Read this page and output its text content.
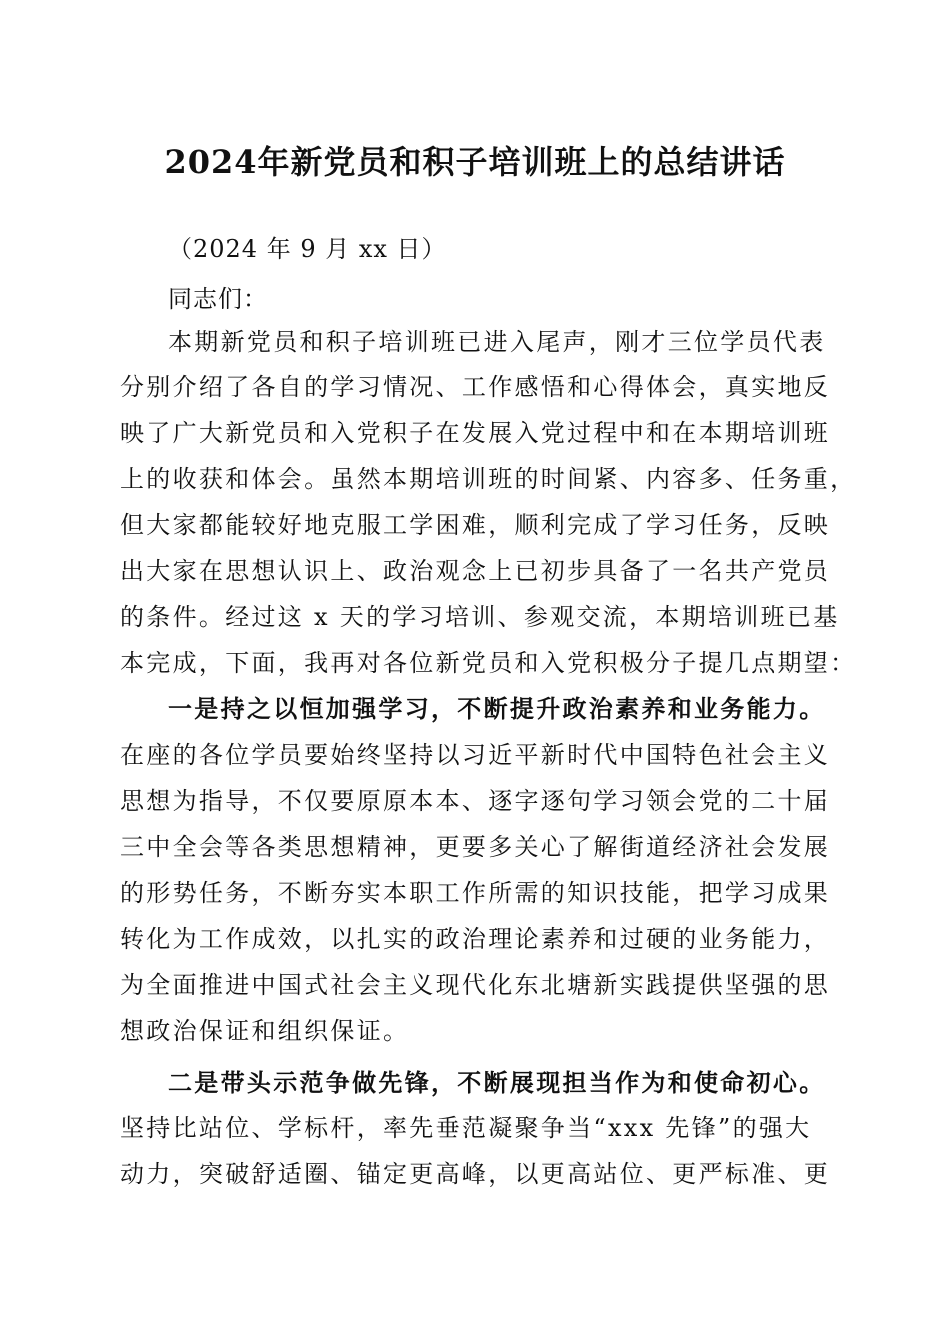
2024年新党员和积子培训班上的总结讲话
（2024 年 9 月 xx 日）
同志们：
本期新党员和积子培训班已进入尾声，刚才三位学员代表
分别介绍了各自的学习情况、工作感悟和心得体会，真实地反
映了广大新党员和入党积子在发展入党过程中和在本期培训班
上的收获和体会。虽然本期培训班的时间紧、内容多、任务重，
但大家都能较好地克服工学困难，顺利完成了学习任务，反映
出大家在思想认识上、政治观念上已初步具备了一名共产党员
的条件。经过这 x 天的学习培训、参观交流，本期培训班已基
本完成，下面，我再对各位新党员和入党积极分子提几点期望：
一是持之以恒加强学习，不断提升政治素养和业务能力。
在座的各位学员要始终坚持以习近平新时代中国特色社会主义
思想为指导，不仅要原原本本、逐字逐句学习领会党的二十届
三中全会等各类思想精神，更要多关心了解街道经济社会发展
的形势任务，不断夯实本职工作所需的知识技能，把学习成果
转化为工作成效，以扎实的政治理论素养和过硬的业务能力，
为全面推进中国式社会主义现代化东北塘新实践提供坚强的思
想政治保证和组织保证。
二是带头示范争做先锋，不断展现担当作为和使命初心。
坚持比站位、学标杆，率先垂范凝聚争当“xxx 先锋”的强大
动力，突破舒适圈、锚定更高峰，以更高站位、更严标准、更
